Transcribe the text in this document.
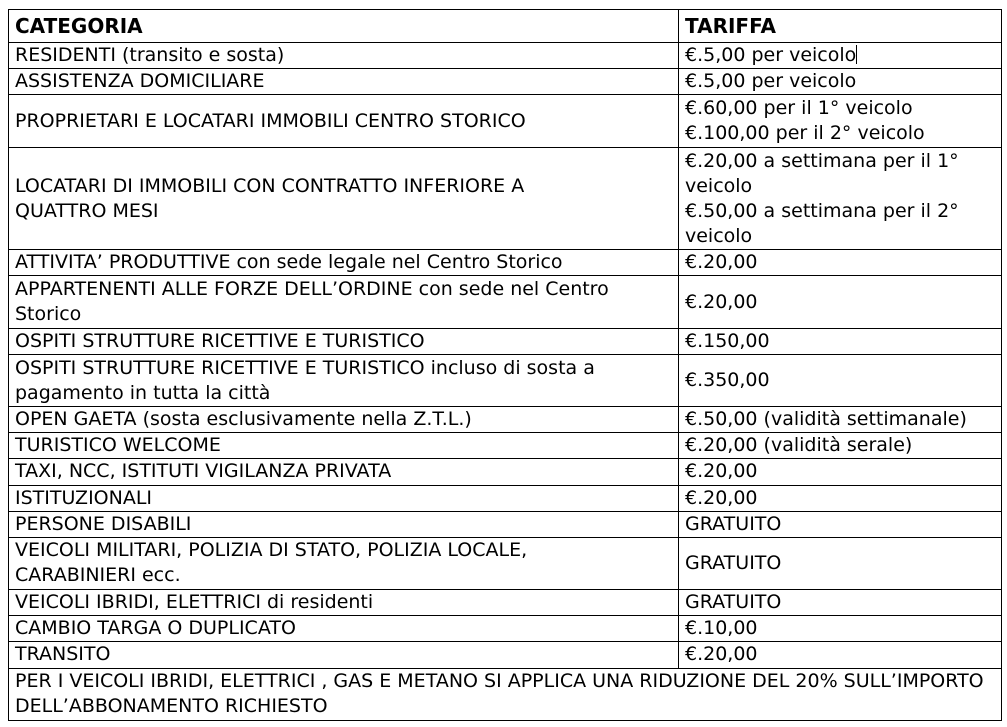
CATEGORIA	TARIFFA
RESIDENTI (transito e sosta)	€.5,00 per veicolo
ASSISTENZA DOMICILIARE	€.5,00 per veicolo
PROPRIETARI E LOCATARI IMMOBILI CENTRO STORICO	€.60,00 per il 1° veicolo
€.100,00 per il 2° veicolo

LOCATARI DI IMMOBILI CON CONTRATTO INFERIORE A
QUATTRO MESI	€.20,00 a settimana per il 1°
veicolo
€.50,00 a settimana per il 2°
veicolo

ATTIVITA’ PRODUTTIVE con sede legale nel Centro Storico	€.20,00

APPARTENENTI ALLE FORZE DELL’ORDINE con sede nel Centro
Storico	€.20,00
OSPITI STRUTTURE RICETTIVE E TURISTICO	€.150,00

OSPITI STRUTTURE RICETTIVE E TURISTICO incluso di sosta a
pagamento in tutta la città	€.350,00
OPEN GAETA (sosta esclusivamente nella Z.T.L.)	€.50,00 (validità settimanale)
TURISTICO WELCOME	€.20,00 (validità serale)
TAXI, NCC, ISTITUTI VIGILANZA PRIVATA	€.20,00
ISTITUZIONALI	€.20,00
PERSONE DISABILI	GRATUITO

VEICOLI MILITARI, POLIZIA DI STATO, POLIZIA LOCALE,
CARABINIERI ecc.	GRATUITO
VEICOLI IBRIDI, ELETTRICI di residenti	GRATUITO
CAMBIO TARGA O DUPLICATO	€.10,00
TRANSITO	€.20,00

PER I VEICOLI IBRIDI, ELETTRICI , GAS E METANO SI APPLICA UNA RIDUZIONE DEL 20% SULL’IMPORTO
DELL’ABBONAMENTO RICHIESTO	
